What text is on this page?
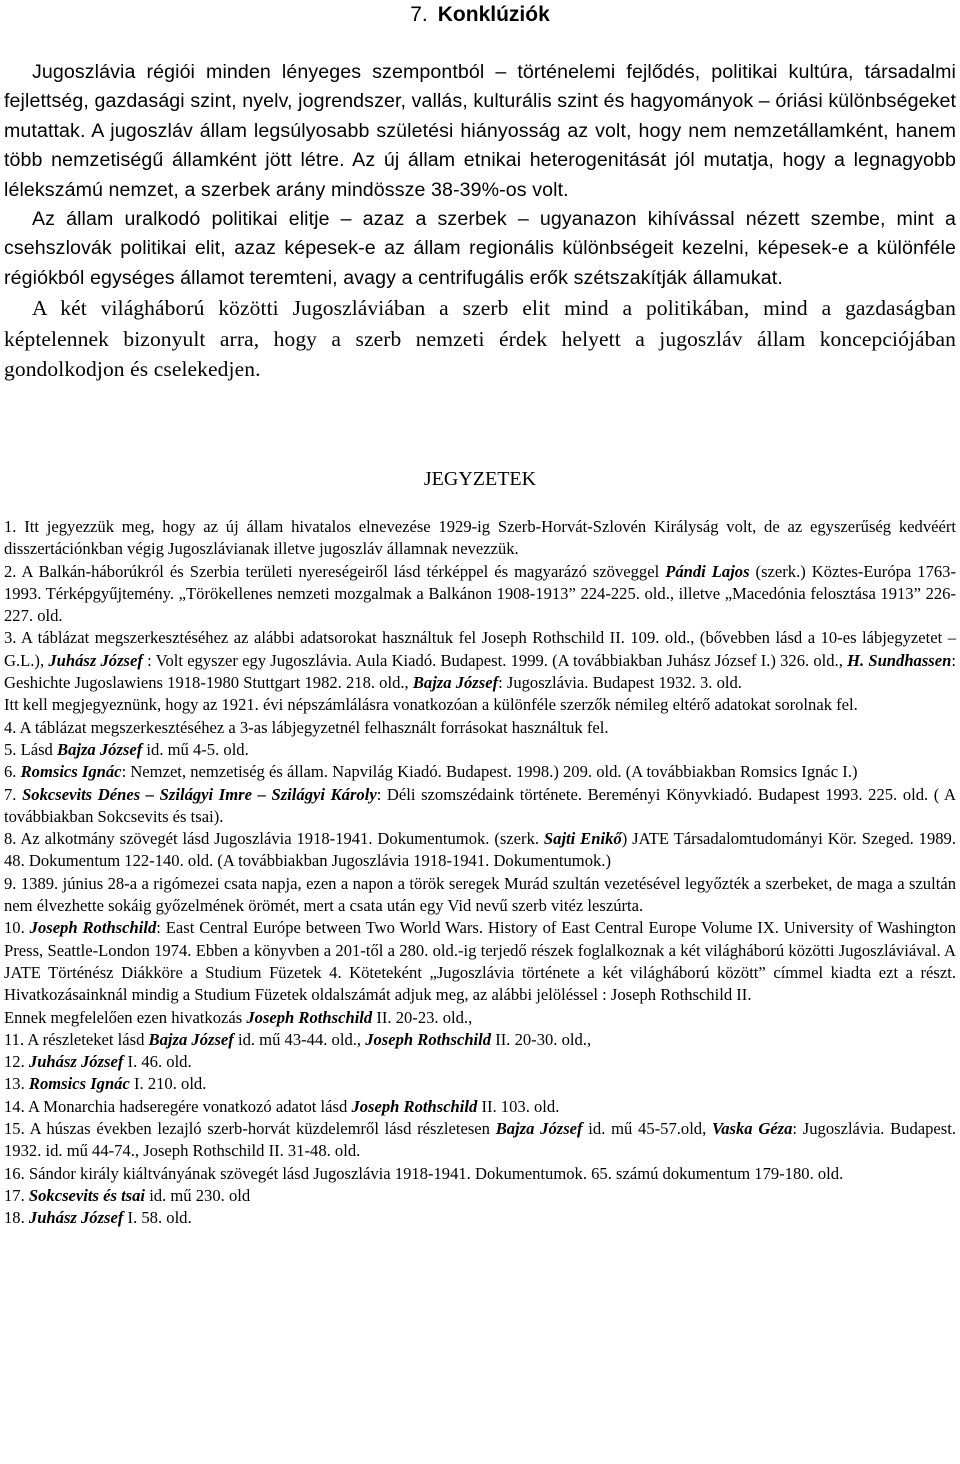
7. Konklúziók

Jugoszlávia régiói minden lényeges szempontból – történelemi fejlődés, politikai kultúra, társadalmi fejlettség, gazdasági szint, nyelv, jogrendszer, vallás, kulturális szint és hagyományok – óriási különbségeket mutattak. A jugoszláv állam legsúlyosabb születési hiányosság az volt, hogy nem nemzetállamként, hanem több nemzetiségű államként jött létre. Az új állam etnikai heterogenitását jól mutatja, hogy a legnagyobb lélekszámú nemzet, a szerbek arány mindössze 38-39%-os volt.

Az állam uralkodó politikai elitje – azaz a szerbek – ugyanazon kihívással nézett szembe, mint a csehszlovák politikai elit, azaz képesek-e az állam regionális különbségeit kezelni, képesek-e a különféle régiókból egységes államot teremteni, avagy a centrifugális erők szétszakítják államukat.

A két világháború közötti Jugoszláviában a szerb elit mind a politikában, mind a gazdaságban képtelennek bizonyult arra, hogy a szerb nemzeti érdek helyett a jugoszláv állam koncepciójában gondolkodjon és cselekedjen.

JEGYZETEK

1. Itt jegyezzük meg, hogy az új állam hivatalos elnevezése 1929-ig Szerb-Horvát-Szlovén Királyság volt, de az egyszerűség kedvéért disszertációnkban végig Jugoszlávianak illetve jugoszláv államnak nevezzük.

2. A Balkán-háborúkról és Szerbia területi nyereségeiről lásd térképpel és magyarázó szöveggel Pándi Lajos (szerk.) Köztes-Európa 1763-1993. Térképgyűjtemény. „Törökellenes nemzeti mozgalmak a Balkánon 1908-1913” 224-225. old., illetve „Macedónia felosztása 1913” 226-227. old.

3. A táblázat megszerkesztéséhez az alábbi adatsorokat használtuk fel Joseph Rothschild II. 109. old., (bővebben lásd a 10-es lábjegyzetet – G.L.), Juhász József : Volt egyszer egy Jugoszlávia. Aula Kiadó. Budapest. 1999. (A továbbiakban Juhász József I.) 326. old., H. Sundhassen: Geshichte Jugoslawiens 1918-1980 Stuttgart 1982. 218. old., Bajza József: Jugoszlávia. Budapest 1932. 3. old.

Itt kell megjegyeznünk, hogy az 1921. évi népszámlálásra vonatkozóan a különféle szerzők némileg eltérő adatokat sorolnak fel.

4. A táblázat megszerkesztéséhez a 3-as lábjegyzetnél felhasznált forrásokat használtuk fel.

5. Lásd Bajza József id. mű 4-5. old.

6. Romsics Ignác: Nemzet, nemzetiség és állam. Napvilág Kiadó. Budapest. 1998.) 209. old. (A továbbiakban Romsics Ignác I.)

7. Sokcsevits Dénes – Szilágyi Imre – Szilágyi Károly: Déli szomszédaink története. Bereményi Könyvkiadó. Budapest 1993. 225. old. ( A továbbiakban Sokcsevits és tsai).

8. Az alkotmány szövegét lásd Jugoszlávia 1918-1941. Dokumentumok. (szerk. Sajti Enikő) JATE Társadalomtudományi Kör. Szeged. 1989. 48. Dokumentum 122-140. old. (A továbbiakban Jugoszlávia 1918-1941. Dokumentumok.)

9. 1389. június 28-a a rigómezei csata napja, ezen a napon a török seregek Murád szultán vezetésével legyőzték a szerbeket, de maga a szultán nem élvezhette sokáig győzelmének örömét, mert a csata után egy Vid nevű szerb vitéz leszúrta.

10. Joseph Rothschild: East Central Európe between Two World Wars. History of East Central Europe Volume IX. University of Washington Press, Seattle-London 1974. Ebben a könyvben a 201-től a 280. old.-ig terjedő részek foglalkoznak a két világháború közötti Jugoszláviával. A JATE Történész Diákköre a Studium Füzetek 4. Köteteként „Jugoszlávia története a két világháború között” címmel kiadta ezt a részt. Hivatkozásainknál mindig a Studium Füzetek oldalszámát adjuk meg, az alábbi jelöléssel : Joseph Rothschild II.

Ennek megfelelően ezen hivatkozás Joseph Rothschild II. 20-23. old.,

11. A részleteket lásd Bajza József id. mű 43-44. old., Joseph Rothschild II. 20-30. old.,

12. Juhász József I. 46. old.

13. Romsics Ignác I. 210. old.

14. A Monarchia hadseregére vonatkozó adatot lásd Joseph Rothschild II. 103. old.

15. A húszas években lezajló szerb-horvát küzdelemről lásd részletesen Bajza József id. mű 45-57.old, Vaska Géza: Jugoszlávia. Budapest. 1932. id. mű 44-74., Joseph Rothschild II. 31-48. old.

16. Sándor király kiáltványának szövegét lásd Jugoszlávia 1918-1941. Dokumentumok. 65. számú dokumentum 179-180. old.

17. Sokcsevits és tsai id. mű 230. old

18. Juhász József I. 58. old.
